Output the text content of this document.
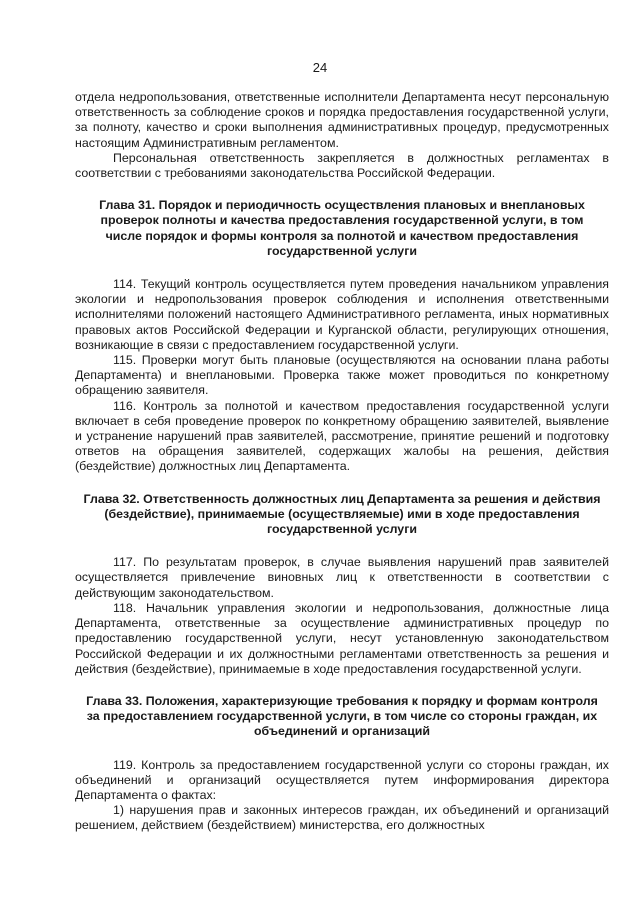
24

отдела недропользования, ответственные исполнители Департамента несут персональную ответственность за соблюдение сроков и порядка предоставления государственной услуги, за полноту, качество и сроки выполнения административных процедур, предусмотренных настоящим Административным регламентом.

Персональная ответственность закрепляется в должностных регламентах в соответствии с требованиями законодательства Российской Федерации.

Глава 31. Порядок и периодичность осуществления плановых и внеплановых проверок полноты и качества предоставления государственной услуги, в том числе порядок и формы контроля за полнотой и качеством предоставления государственной услуги

114. Текущий контроль осуществляется путем проведения начальником управления экологии и недропользования проверок соблюдения и исполнения ответственными исполнителями положений настоящего Административного регламента, иных нормативных правовых актов Российской Федерации и Курганской области, регулирующих отношения, возникающие в связи с предоставлением государственной услуги.

115. Проверки могут быть плановые (осуществляются на основании плана работы Департамента) и внеплановыми. Проверка также может проводиться по конкретному обращению заявителя.

116. Контроль за полнотой и качеством предоставления государственной услуги включает в себя проведение проверок по конкретному обращению заявителей, выявление и устранение нарушений прав заявителей, рассмотрение, принятие решений и подготовку ответов на обращения заявителей, содержащих жалобы на решения, действия (бездействие) должностных лиц Департамента.

Глава 32. Ответственность должностных лиц Департамента за решения и действия (бездействие), принимаемые (осуществляемые) ими в ходе предоставления государственной услуги

117. По результатам проверок, в случае выявления нарушений прав заявителей осуществляется привлечение виновных лиц к ответственности в соответствии с действующим законодательством.

118. Начальник управления экологии и недропользования, должностные лица Департамента, ответственные за осуществление административных процедур по предоставлению государственной услуги, несут установленную законодательством Российской Федерации и их должностными регламентами ответственность за решения и действия (бездействие), принимаемые в ходе предоставления государственной услуги.

Глава 33. Положения, характеризующие требования к порядку и формам контроля за предоставлением государственной услуги, в том числе со стороны граждан, их объединений и организаций

119. Контроль за предоставлением государственной услуги со стороны граждан, их объединений и организаций осуществляется путем информирования директора Департамента о фактах:

1) нарушения прав и законных интересов граждан, их объединений и организаций решением, действием (бездействием) министерства, его должностных
